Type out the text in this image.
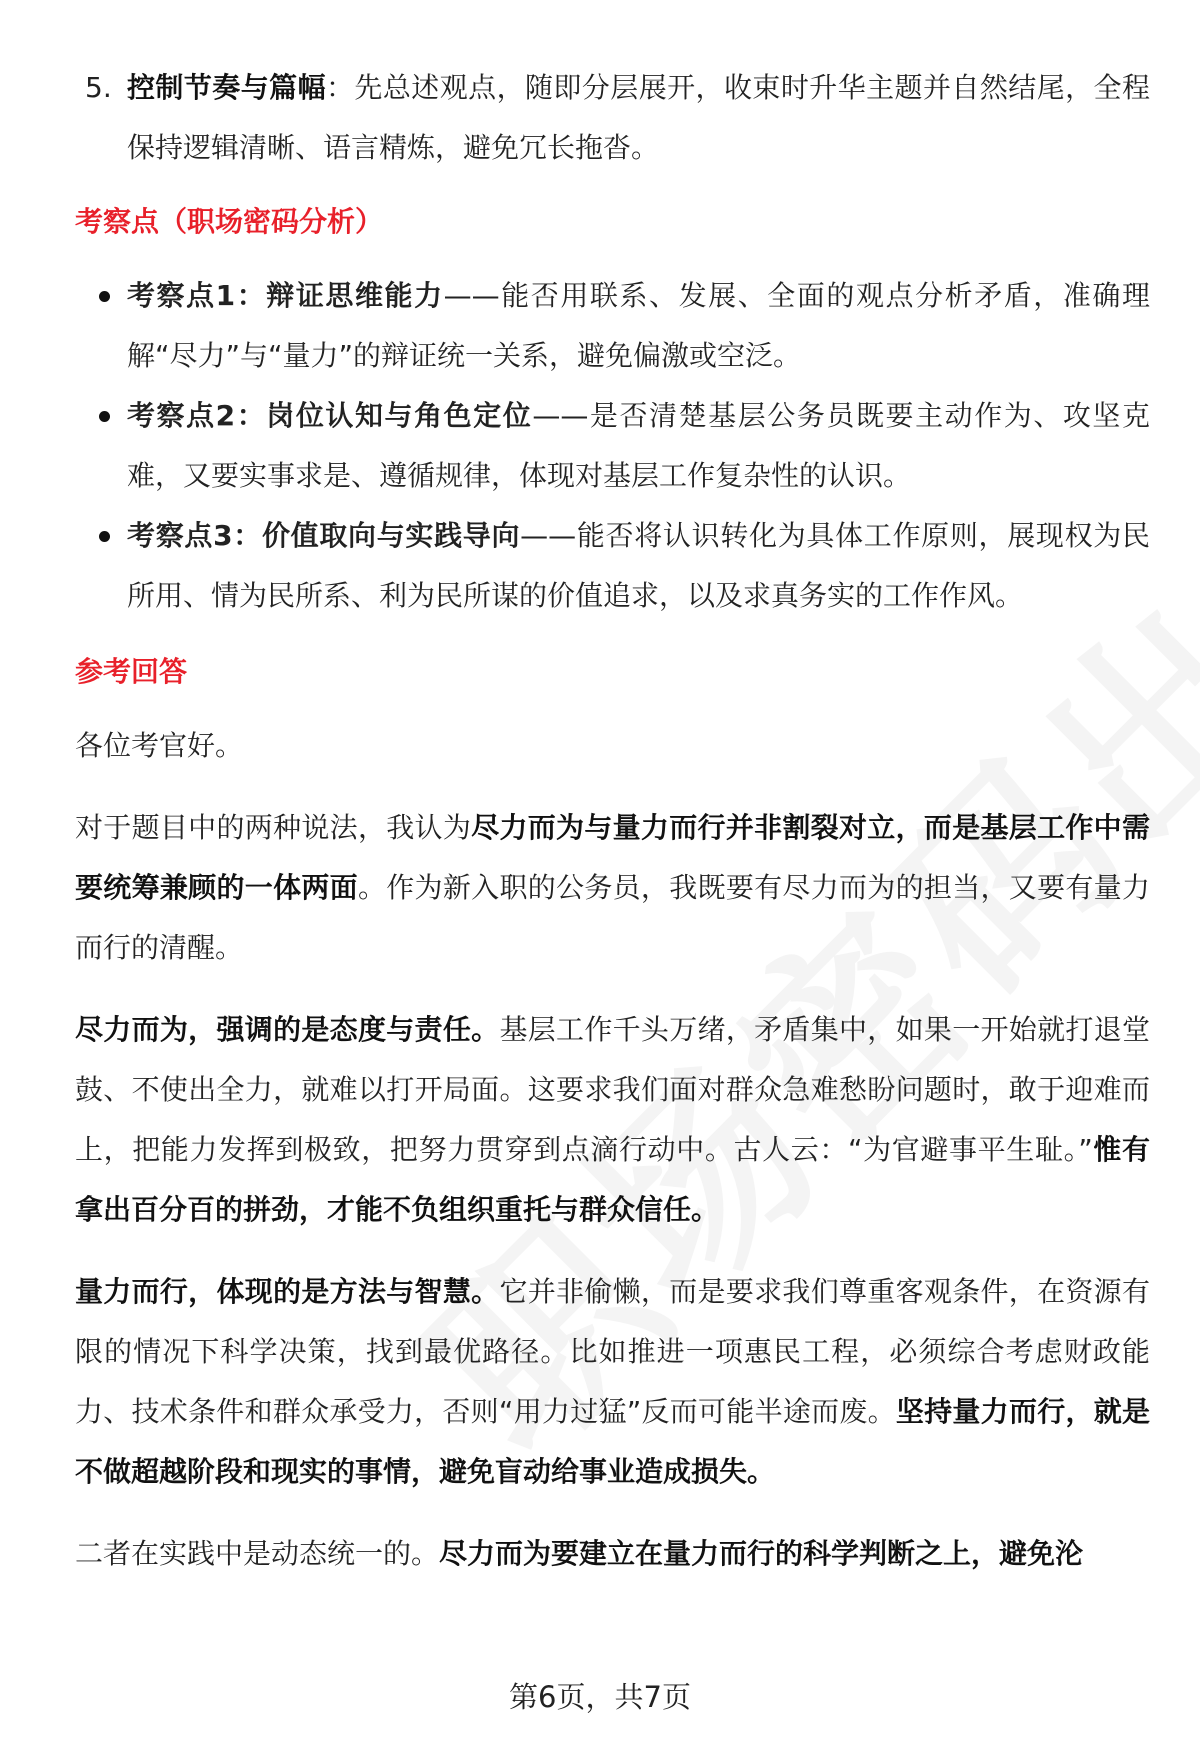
5. 控制节奏与篇幅：先总述观点，随即分层展开，收束时升华主题并自然结尾，全程保持逻辑清晰、语言精炼，避免冗长拖沓。

考察点（职场密码分析）

考察点1：辩证思维能力——能否用联系、发展、全面的观点分析矛盾，准确理解“尽力”与“量力”的辩证统一关系，避免偏激或空泛。
考察点2：岗位认知与角色定位——是否清楚基层公务员既要主动作为、攻坚克难，又要实事求是、遵循规律，体现对基层工作复杂性的认识。
考察点3：价值取向与实践导向——能否将认识转化为具体工作原则，展现权为民所用、情为民所系、利为民所谋的价值追求，以及求真务实的工作作风。

参考回答

各位考官好。

对于题目中的两种说法，我认为尽力而为与量力而行并非割裂对立，而是基层工作中需要统筹兼顾的一体两面。作为新入职的公务员，我既要有尽力而为的担当，又要有量力而行的清醒。

尽力而为，强调的是态度与责任。基层工作千头万绪，矛盾集中，如果一开始就打退堂鼓、不使出全力，就难以打开局面。这要求我们面对群众急难愁盼问题时，敢于迎难而上，把能力发挥到极致，把努力贯穿到点滴行动中。古人云：“为官避事平生耻。”惟有拿出百分百的拼劲，才能不负组织重托与群众信任。

量力而行，体现的是方法与智慧。它并非偷懒，而是要求我们尊重客观条件，在资源有限的情况下科学决策，找到最优路径。比如推进一项惠民工程，必须综合考虑财政能力、技术条件和群众承受力，否则“用力过猛”反而可能半途而废。坚持量力而行，就是不做超越阶段和现实的事情，避免盲动给事业造成损失。

二者在实践中是动态统一的。尽力而为要建立在量力而行的科学判断之上，避免沦

第6页，共7页
